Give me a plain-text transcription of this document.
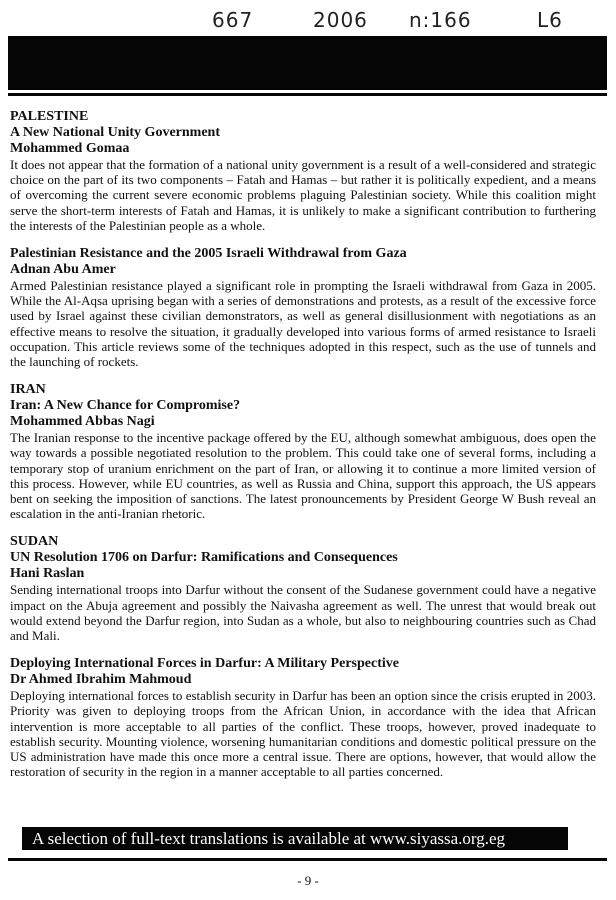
667	2006 n:166	L6

PALESTINE

A New National Unity Government

Mohammed Gomaa

It does not appear that the formation of a national unity government is a result of a well-considered and strategic choice on the part of its two components – Fatah and Hamas – but rather it is politically expedient, and a means of overcoming the current severe economic problems plaguing Palestinian society. While this coalition might serve the short-term interests of Fatah and Hamas, it is unlikely to make a significant contribution to furthering the interests of the Palestinian people as a whole.

Palestinian Resistance and the 2005 Israeli Withdrawal from Gaza

Adnan Abu Amer

Armed Palestinian resistance played a significant role in prompting the Israeli withdrawal from Gaza in 2005. While the Al-Aqsa uprising began with a series of demonstrations and protests, as a result of the excessive force used by Israel against these civilian demonstrators, as well as general disillusionment with negotiations as an effective means to resolve the situation, it gradually developed into various forms of armed resistance to Israeli occupation. This article reviews some of the techniques adopted in this respect, such as the use of tunnels and the launching of rockets.

IRAN

Iran: A New Chance for Compromise?

Mohammed Abbas Nagi

The Iranian response to the incentive package offered by the EU, although somewhat ambiguous, does open the way towards a possible negotiated resolution to the problem. This could take one of several forms, including a temporary stop of uranium enrichment on the part of Iran, or allowing it to continue a more limited version of this process. However, while EU countries, as well as Russia and China, support this approach, the US appears bent on seeking the imposition of sanctions. The latest pronouncements by President George W Bush reveal an escalation in the anti-Iranian rhetoric.

SUDAN

UN Resolution 1706 on Darfur: Ramifications and Consequences

Hani Raslan

Sending international troops into Darfur without the consent of the Sudanese government could have a negative impact on the Abuja agreement and possibly the Naivasha agreement as well. The unrest that would break out would extend beyond the Darfur region, into Sudan as a whole, but also to neighbouring countries such as Chad and Mali.

Deploying International Forces in Darfur: A Military Perspective

Dr Ahmed Ibrahim Mahmoud

Deploying international forces to establish security in Darfur has been an option since the crisis erupted in 2003. Priority was given to deploying troops from the African Union, in accordance with the idea that African intervention is more acceptable to all parties of the conflict. These troops, however, proved inadequate to establish security. Mounting violence, worsening humanitarian conditions and domestic political pressure on the US administration have made this once more a central issue. There are options, however, that would allow the restoration of security in the region in a manner acceptable to all parties concerned.

A selection of full-text translations is available at www.siyassa.org.eg
- 9 -
